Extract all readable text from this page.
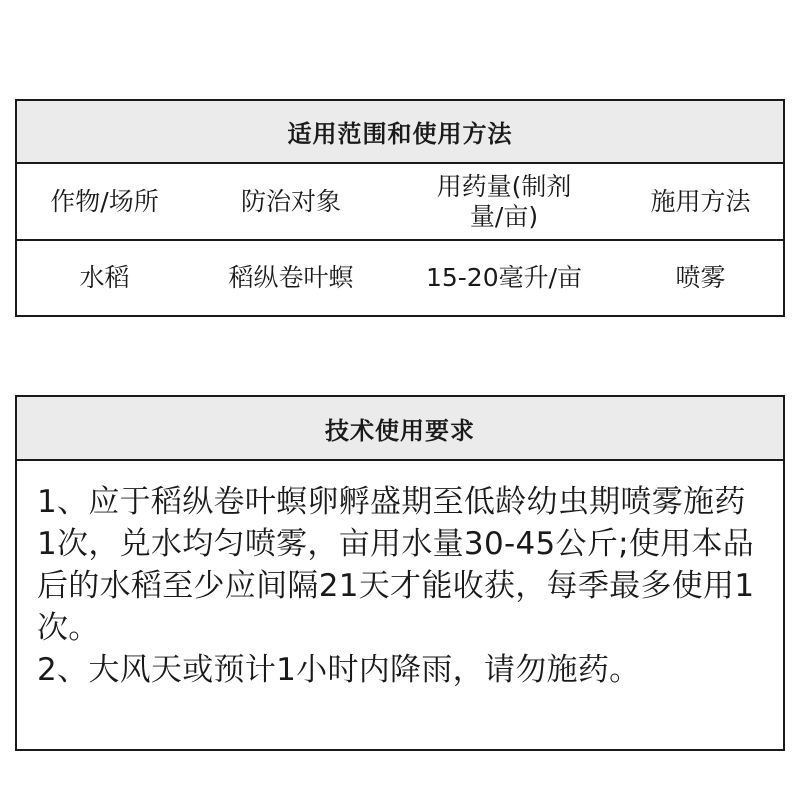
适用范围和使用方法
作物/场所	防治对象	用药量(制剂量/亩)	施用方法
水稻	稻纵卷叶螟	15-20毫升/亩	喷雾
技术使用要求

1、应于稻纵卷叶螟卵孵盛期至低龄幼虫期喷雾施药1次，兑水均匀喷雾，亩用水量30-45公斤;使用本品后的水稻至少应间隔21天才能收获，每季最多使用1次。

2、大风天或预计1小时内降雨，请勿施药。
